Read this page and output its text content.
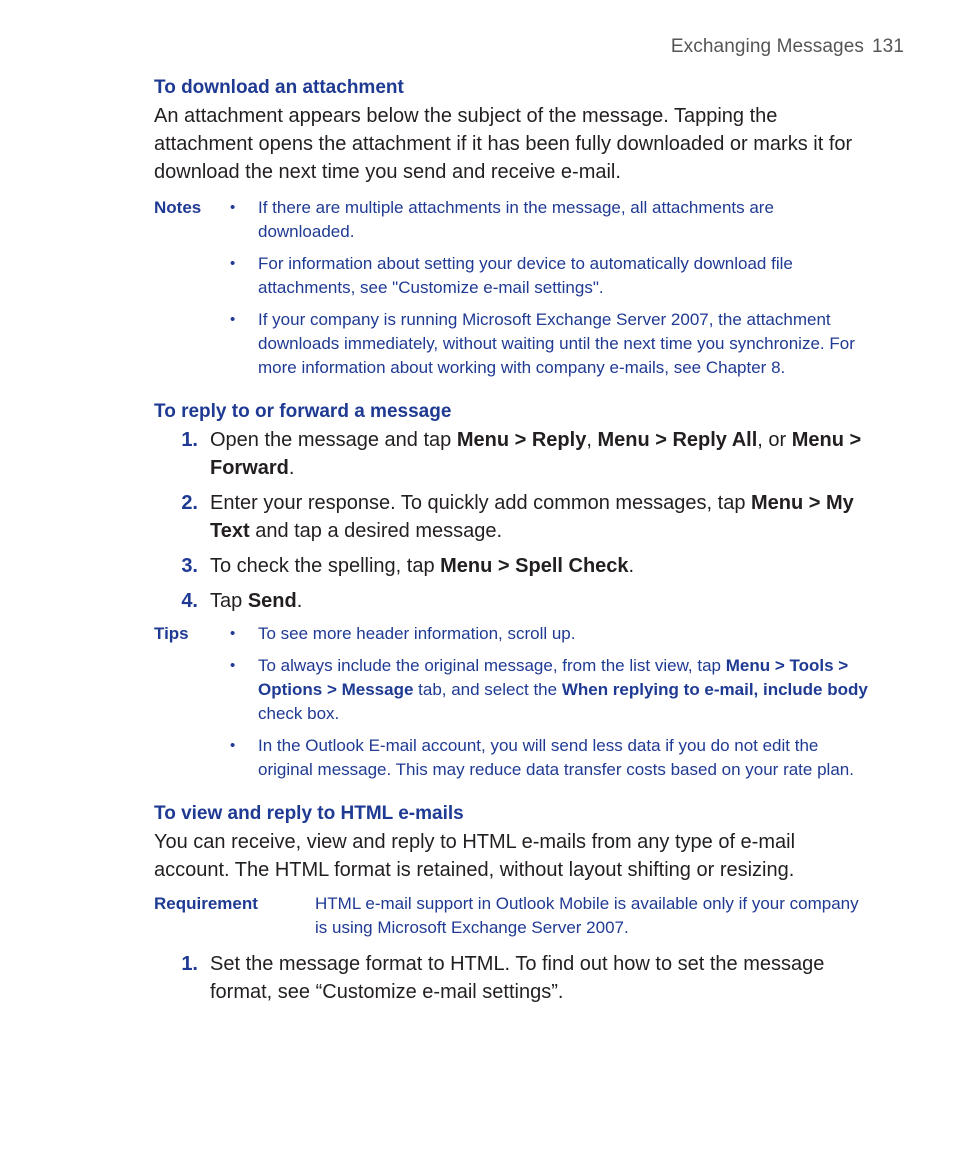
Exchanging Messages 131
To download an attachment

An attachment appears below the subject of the message. Tapping the attachment opens the attachment if it has been fully downloaded or marks it for download the next time you send and receive e-mail.

Notes	•	If there are multiple attachments in the message, all attachments are downloaded.
•	For information about setting your device to automatically download file attachments, see "Customize e-mail settings".
•	If your company is running Microsoft Exchange Server 2007, the attachment downloads immediately, without waiting until the next time you synchronize. For more information about working with company e-mails, see Chapter 8.
To reply to or forward a message
1. Open the message and tap Menu > Reply, Menu > Reply All, or Menu > Forward.
2. Enter your response. To quickly add common messages, tap Menu > My Text and tap a desired message.
3. To check the spelling, tap Menu > Spell Check.
4. Tap Send.
Tips	•	To see more header information, scroll up.
•	To always include the original message, from the list view, tap Menu > Tools > Options > Message tab, and select the When replying to e-mail, include body check box.
•	In the Outlook E-mail account, you will send less data if you do not edit the original message. This may reduce data transfer costs based on your rate plan.
To view and reply to HTML e-mails

You can receive, view and reply to HTML e-mails from any type of e-mail account. The HTML format is retained, without layout shifting or resizing.

Requirement	HTML e-mail support in Outlook Mobile is available only if your company is using Microsoft Exchange Server 2007.
1. Set the message format to HTML. To find out how to set the message format, see “Customize e-mail settings”.
